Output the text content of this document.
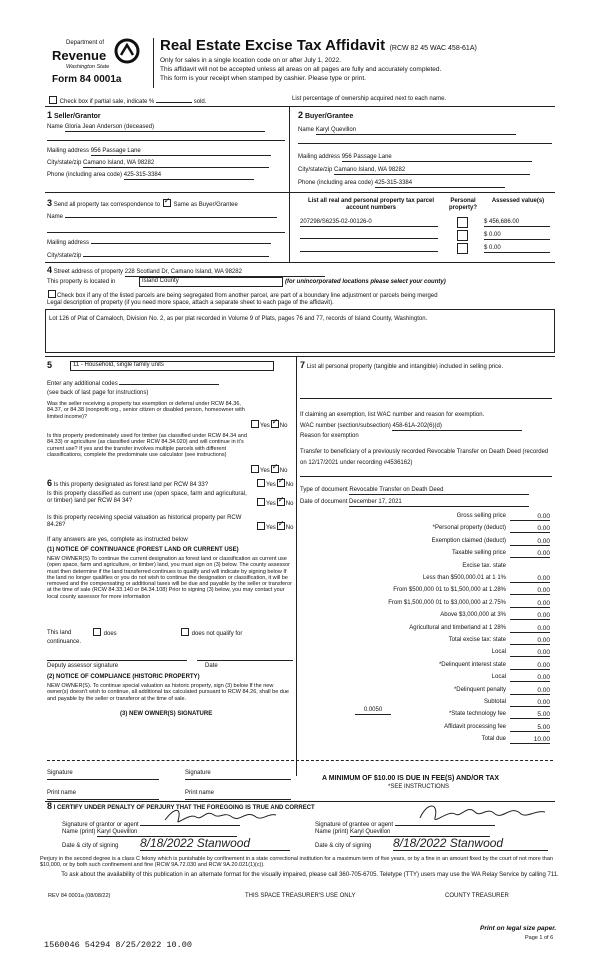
Department of
Revenue
Washington State
Form 84 0001a
Real Estate Excise Tax Affidavit (RCW 82 45 WAC 458-61A)
Only for sales in a single location code on or after July 1, 2022.
This affidavit will not be accepted unless all areas on all pages are fully and accurately completed.
This form is your receipt when stamped by cashier. Please type or print.
Check box if partial sale, indicate %	sold.	List percentage of ownership acquired next to each name.
1 Seller/Grantor
Name Gloria Jean Anderson (deceased)
Mailing address 956 Passage Lane
City/state/zip Camano Island, WA 98282
Phone (including area code) 425-315-3384
2 Buyer/Grantee
Name Karyl Quevillon
Mailing address 956 Passage Lane
City/state/zip Camano Island, WA 98282
Phone (including area code) 425-315-3384
3 Send all property tax correspondence to ✓ Same as Buyer/Grantee
Name
Mailing address
City/state/zip
List all real and personal property tax parcel account numbers
Personal property?
Assessed value(s)
207298/S6235-02-00126-0	$ 456,686.00
$ 0.00
$ 0.00
4 Street address of property 228 Scotland Dr, Camano Island, WA 98282
This property is located in	Island County	(for unincorporated locations please select your county)
Check box if any of the listed parcels are being segregated from another parcel, are part of a boundary line adjustment or parcels being merged
Legal description of property (if you need more space, attach a separate sheet to each page of the affidavit).
Lot 126 of Plat of Camaloch, Division No. 2, as per plat recorded in Volume 9 of Plats, pages 76 and 77, records of Island County, Washington.
5	11 - Household, single family units
Enter any additional codes
(see back of last page for instructions)
Was the seller receiving a property tax exemption or deferral under RCW 84.36, 84.37, or 84.38 (nonprofit org., senior citizen or disabled person, homeowner with limited income)?
Yes ✓ No
Is this property predominately used for timber (as classified under RCW 84.34 and 84.33) or agriculture (as classified under RCW 84.34.020) and will continue in it's current use? If yes and the transfer involves multiple parcels with different classifications, complete the predominate use calculator (see instructions)
Yes ✓ No
6 Is this property designated as forest land per RCW 84 33?	Yes ✓ No
Is this property classified as current use (open space, farm and agricultural, or timber) land per RCW 84 34?	Yes ✓ No
Is this property receiving special valuation as historical property per RCW 84.26?	Yes ✓ No
If any answers are yes, complete as instructed below
(1) NOTICE OF CONTINUANCE (FOREST LAND OR CURRENT USE)
NEW OWNER(S) To continue the current designation as forest land or classification as current use (open space, farm and agriculture, or timber) land, you must sign on (3) below. The county assessor must then determine if the land transferred continues to qualify and will indicate by signing below If the land no longer qualifies or you do not wish to continue the designation or classification, it will be removed and the compensating or additional taxes will be due and payable by the seller or transferor at the time of sale (RCW 84.33.140 or 84.34.108) Prior to signing (3) below, you may contact your local county assessor for more information
This land	does	does not qualify for
continuance.
Deputy assessor signature	Date
(2) NOTICE OF COMPLIANCE (HISTORIC PROPERTY)
NEW OWNER(S). To continue special valuation as historic property, sign (3) below If the new owner(s) doesn't wish to continue, all additional tax calculated pursuant to RCW 84.26, shall be due and payable by the seller or transferor at the time of sale.
(3) NEW OWNER(S) SIGNATURE
7 List all personal property (tangible and intangible) included in selling price.
If claiming an exemption, list WAC number and reason for exemption.
WAC number (section/subsection) 458-61A-202(6)(d)
Reason for exemption
Transfer to beneficiary of a previously recorded Revocable Transfer on Death Deed (recorded on 12/17/2021 under recording #4536162)
Type of document Revocable Transfer on Death Deed
Date of document December 17, 2021
Gross selling price	0.00
*Personal property (deduct)	0.00
Exemption claimed (deduct)	0.00
Taxable selling price	0.00
Excise tax. state
Less than $500,000.01 at 1 1%	0.00
From $500,000 01 to $1,500,000 at 1.28%	0.00
From $1,500,000 01 to $3,000,000 at 2.75%	0.00
Above $3,000,000 at 3%	0.00
Agricultural and timberland at 1 28%	0.00
Total excise tax: state	0.00
Local	0.00
*Delinquent interest state	0.00
Local	0.00
*Delinquent penalty	0.00
Subtotal	0.00
*State technology fee	5.00
Affidavit processing fee	5.00
Total due	10.00
0.0050
Signature	Signature
Print name	Print name
A MINIMUM OF $10.00 IS DUE IN FEE(S) AND/OR TAX
*SEE INSTRUCTIONS
8 I CERTIFY UNDER PENALTY OF PERJURY THAT THE FOREGOING IS TRUE AND CORRECT
Signature of grantor or agent
Name (print) Karyl Quevillon
Date & city of signing 8/18/2022 Stanwood
Signature of grantee or agent
Name (print) Karyl Quevillon
Date & city of signing 8/18/2022 Stanwood
Perjury in the second degree is a class C felony which is punishable by confinement in a state correctional institution for a maximum term of five years, or by a fine in an amount fixed by the court of not more than $10,000, or by both such confinement and fine (RCW 9A.72.030 and RCW 9A.20.021(1)(c)).
To ask about the availability of this publication in an alternate format for the visually impaired, please call 360-705-6705. Teletype (TTY) users may use the WA Relay Service by calling 711.
REV 84 0001a (08/08/22)	THIS SPACE TREASURER'S USE ONLY	COUNTY TREASURER
Print on legal size paper.
Page 1 of 6
1560046 54294 8/25/2022 10.00
